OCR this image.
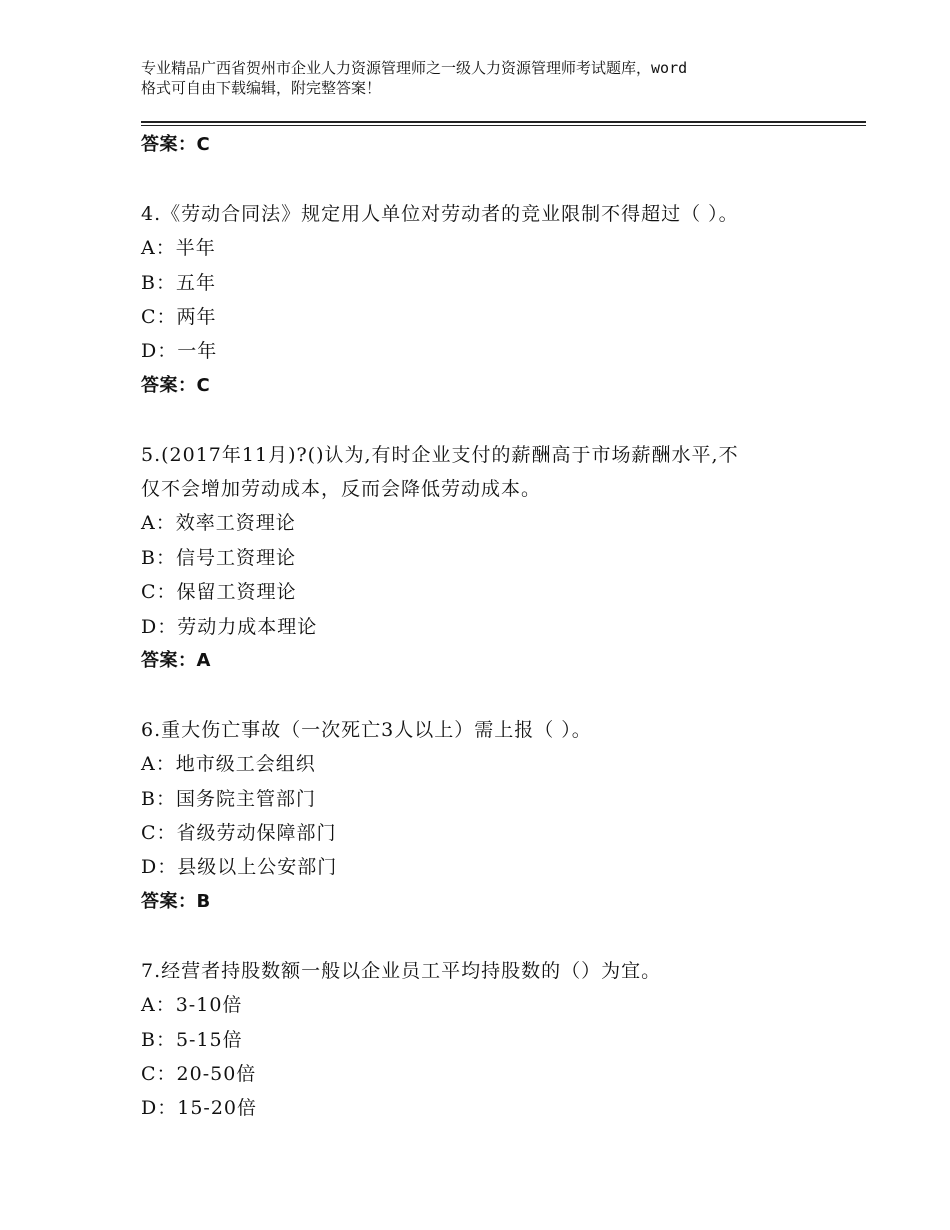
专业精品广西省贺州市企业人力资源管理师之一级人力资源管理师考试题库，word
格式可自由下载编辑，附完整答案！
答案：C
4.《劳动合同法》规定用人单位对劳动者的竞业限制不得超过（ ）。
A：半年
B：五年
C：两年
D：一年
答案：C
5.(2017年11月)?()认为,有时企业支付的薪酬高于市场薪酬水平,不
仅不会增加劳动成本，反而会降低劳动成本。
A：效率工资理论
B：信号工资理论
C：保留工资理论
D：劳动力成本理论
答案：A
6.重大伤亡事故（一次死亡3人以上）需上报（ ）。
A：地市级工会组织
B：国务院主管部门
C：省级劳动保障部门
D：县级以上公安部门
答案：B
7.经营者持股数额一般以企业员工平均持股数的（）为宜。
A：3-10倍
B：5-15倍
C：20-50倍
D：15-20倍
